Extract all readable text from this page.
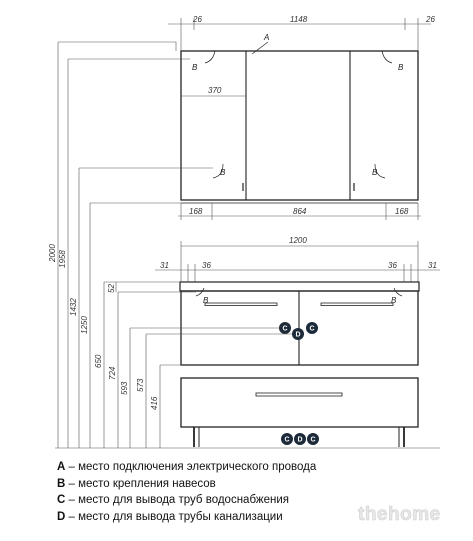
B	B
B	B
A
26	1148	26
370
168	864	168
1200
31	36	36	31
B	B
C
D
C
C D C
2000 1958
1432
1250
650
724
593 573
416
52
A – место подключения электрического провода
B – место крепления навесов
C – место для вывода труб водоснабжения
D – место для вывода трубы канализации	thehome
